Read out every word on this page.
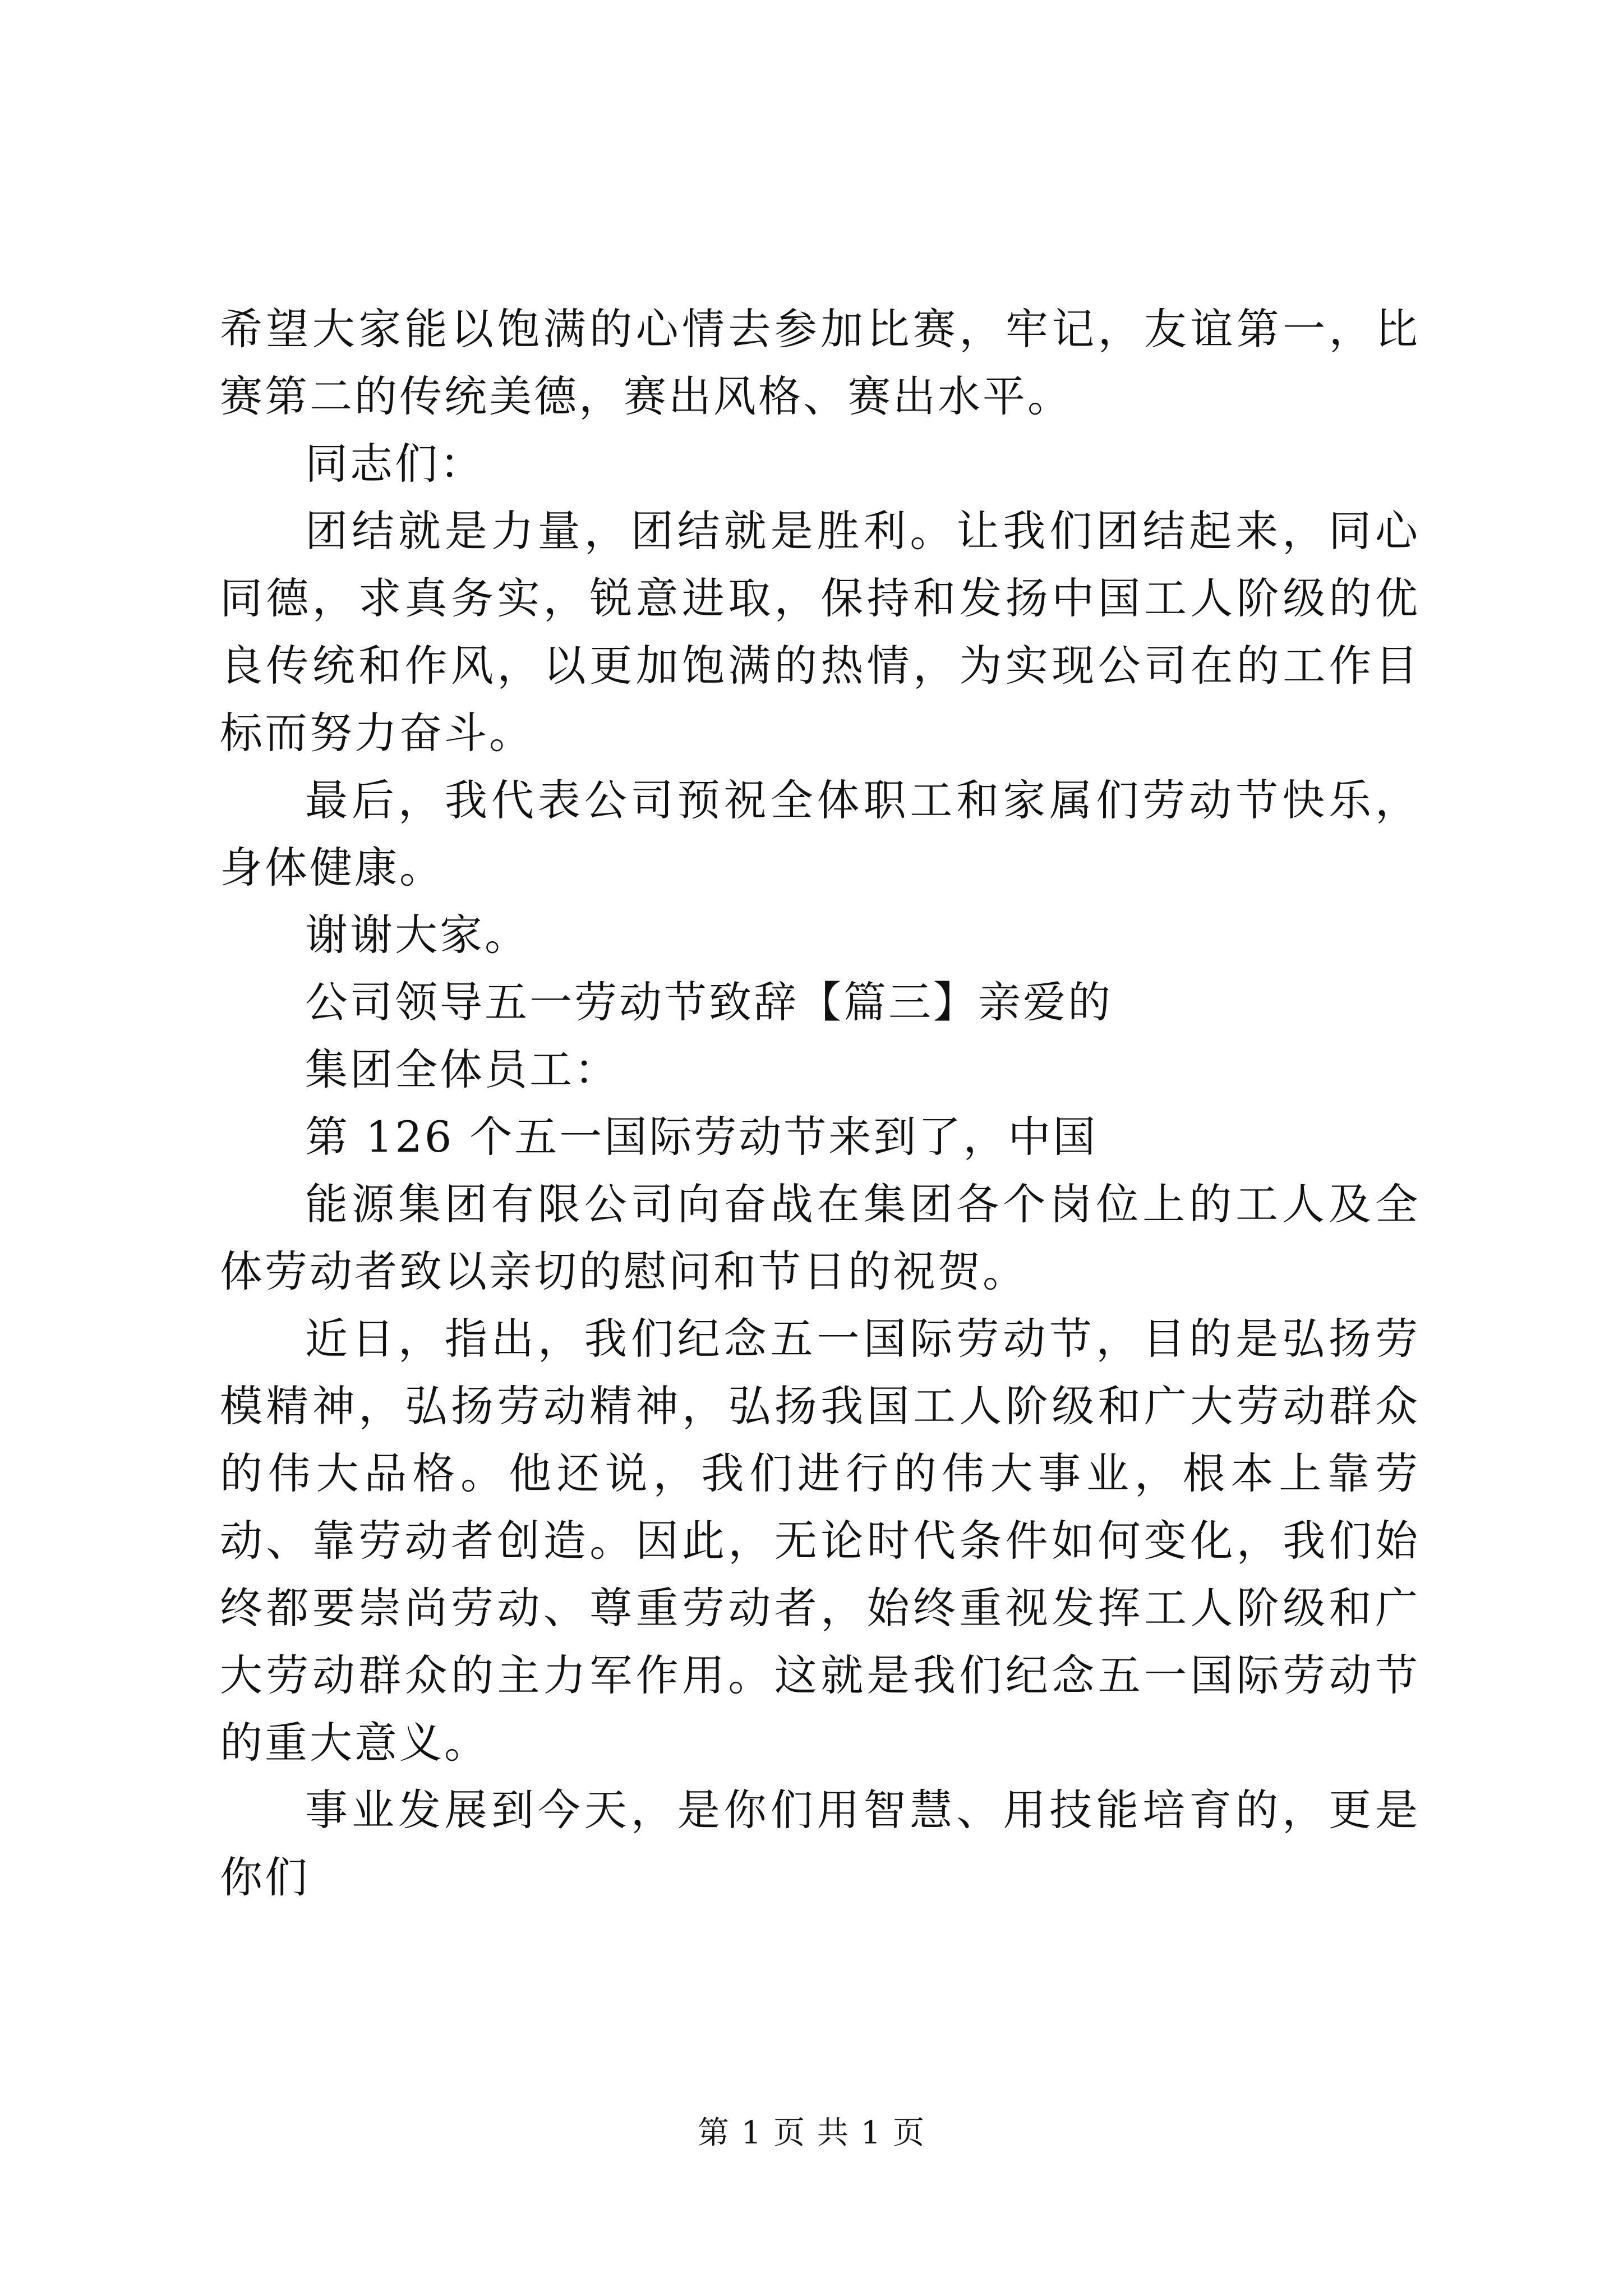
希望大家能以饱满的心情去参加比赛，牢记，友谊第一，比赛第二的传统美德，赛出风格、赛出水平。

同志们：

团结就是力量，团结就是胜利。让我们团结起来，同心同德，求真务实，锐意进取，保持和发扬中国工人阶级的优良传统和作风，以更加饱满的热情，为实现公司在的工作目标而努力奋斗。

最后，我代表公司预祝全体职工和家属们劳动节快乐，身体健康。

谢谢大家。

公司领导五一劳动节致辞【篇三】亲爱的

集团全体员工：

第 126 个五一国际劳动节来到了，中国

能源集团有限公司向奋战在集团各个岗位上的工人及全体劳动者致以亲切的慰问和节日的祝贺。

近日，指出，我们纪念五一国际劳动节，目的是弘扬劳模精神，弘扬劳动精神，弘扬我国工人阶级和广大劳动群众的伟大品格。他还说，我们进行的伟大事业，根本上靠劳动、靠劳动者创造。因此，无论时代条件如何变化，我们始终都要崇尚劳动、尊重劳动者，始终重视发挥工人阶级和广大劳动群众的主力军作用。这就是我们纪念五一国际劳动节的重大意义。

事业发展到今天，是你们用智慧、用技能培育的，更是你们

第 1 页 共 1 页
